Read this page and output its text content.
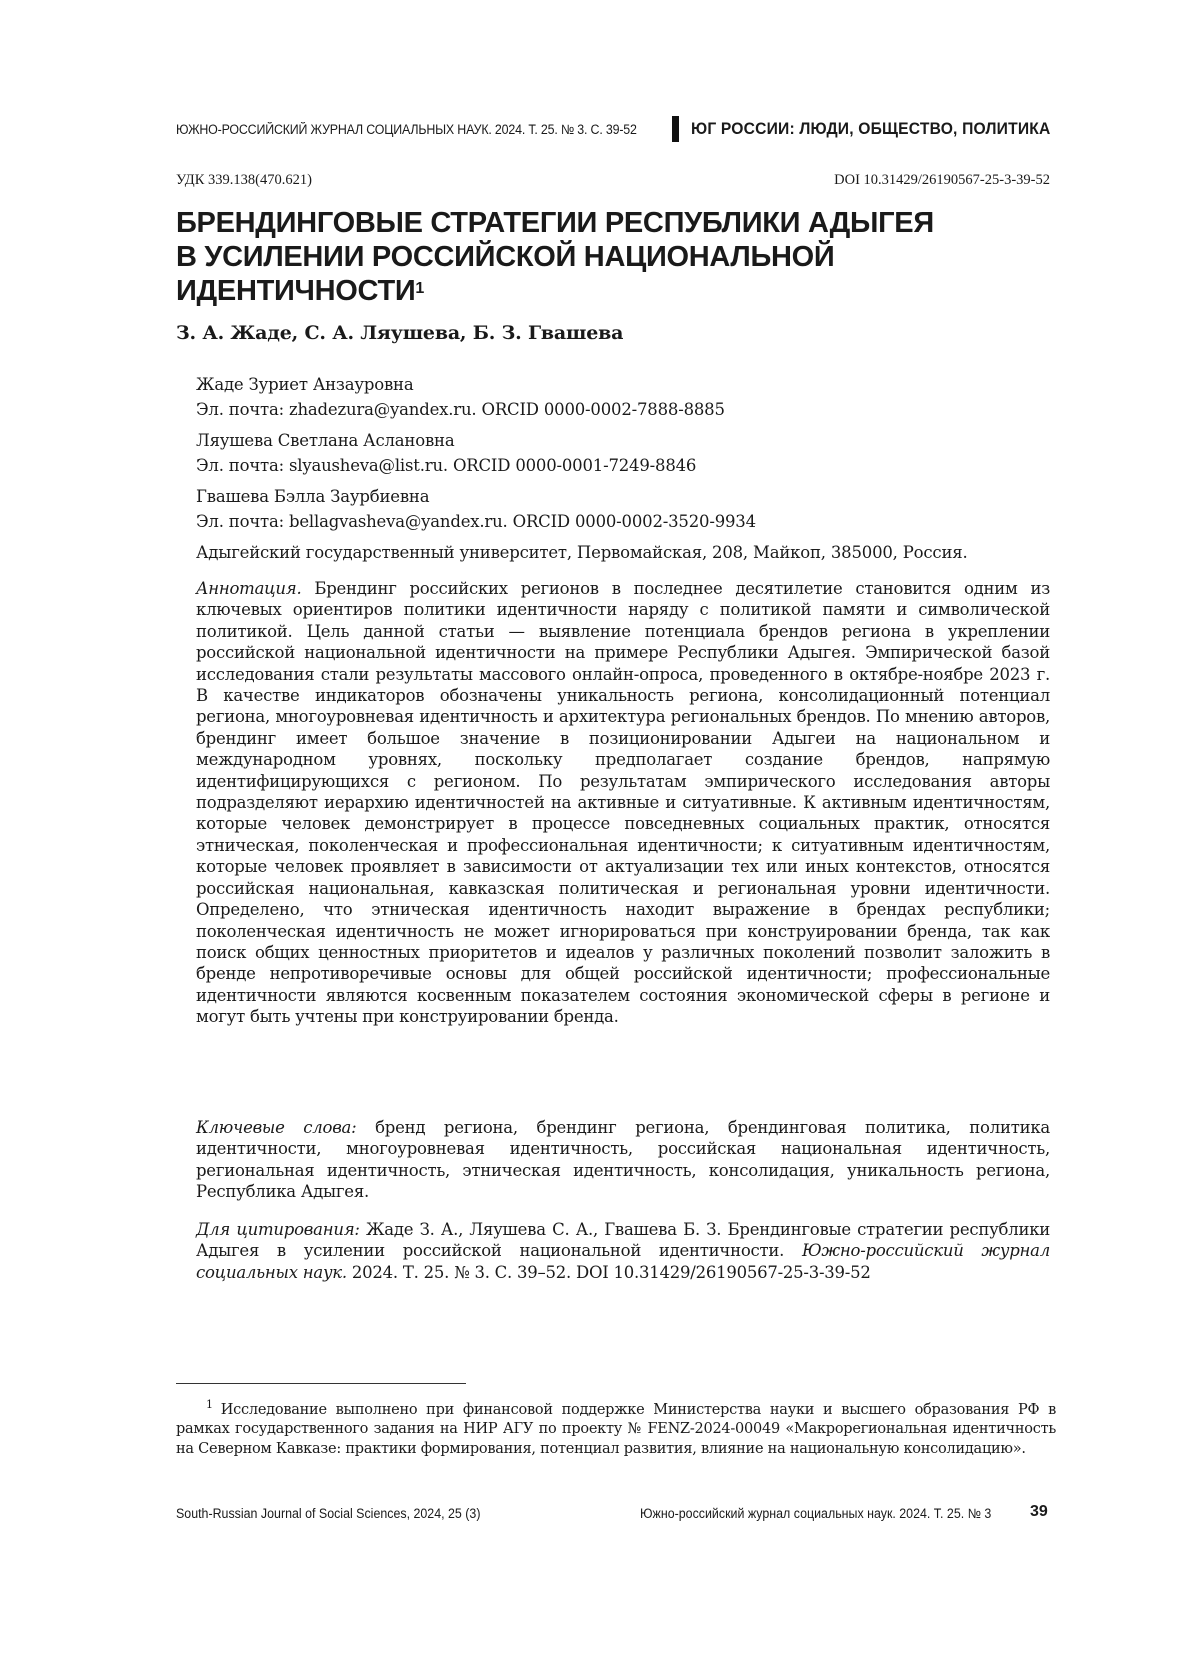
ЮЖНО-РОССИЙСКИЙ ЖУРНАЛ СОЦИАЛЬНЫХ НАУК. 2024. Т. 25. № 3. С. 39-52	ЮГ РОССИИ: ЛЮДИ, ОБЩЕСТВО, ПОЛИТИКА
УДК 339.138(470.621)	DOI 10.31429/26190567-25-3-39-52
БРЕНДИНГОВЫЕ СТРАТЕГИИ РЕСПУБЛИКИ АДЫГЕЯ
В УСИЛЕНИИ РОССИЙСКОЙ НАЦИОНАЛЬНОЙ
ИДЕНТИЧНОСТИ$^1$
З. А. Жаде, С. А. Ляушева, Б. З. Гвашева
Жаде Зуриет Анзауровна
Эл. почта: zhadezura@yandex.ru. ORCID 0000-0002-7888-8885
Ляушева Светлана Аслановна
Эл. почта: slyausheva@list.ru. ORCID 0000-0001-7249-8846
Гвашева Бэлла Заурбиевна
Эл. почта: bellagvasheva@yandex.ru. ORCID 0000-0002-3520-9934
Адыгейский государственный университет, Первомайская, 208, Майкоп, 385000, Россия.
Аннотация. Брендинг российских регионов в последнее десятилетие становится одним из ключевых ориентиров политики идентичности наряду с политикой памяти и символической политикой. Цель данной статьи — выявление потенциала брендов региона в укреплении российской национальной идентичности на примере Республики Адыгея. Эмпирической базой исследования стали результаты массового онлайн-опроса, проведенного в октябре-ноябре 2023 г. В качестве индикаторов обозначены уникальность региона, консолидационный потенциал региона, многоуровневая идентичность и архитектура региональных брендов. По мнению авторов, брендинг имеет большое значение в позиционировании Адыгеи на национальном и международном уровнях, поскольку предполагает создание брендов, напрямую идентифицирующихся с регионом. По результатам эмпирического исследования авторы подразделяют иерархию идентичностей на активные и ситуативные. К активным идентичностям, которые человек демонстрирует в процессе повседневных социальных практик, относятся этническая, поколенческая и профессиональная идентичности; к ситуативным идентичностям, которые человек проявляет в зависимости от актуализации тех или иных контекстов, относятся российская национальная, кавказская политическая и региональная уровни идентичности. Определено, что этническая идентичность находит выражение в брендах республики; поколенческая идентичность не может игнорироваться при конструировании бренда, так как поиск общих ценностных приоритетов и идеалов у различных поколений позволит заложить в бренде непротиворечивые основы для общей российской идентичности; профессиональные идентичности являются косвенным показателем состояния экономической сферы в регионе и могут быть учтены при конструировании бренда.
Ключевые слова: бренд региона, брендинг региона, брендинговая политика, политика идентичности, многоуровневая идентичность, российская национальная идентичность, региональная идентичность, этническая идентичность, консолидация, уникальность региона, Республика Адыгея.
Для цитирования: Жаде З. А., Ляушева С. А., Гвашева Б. З. Брендинговые стратегии республики Адыгея в усилении российской национальной идентичности. Южно-российский журнал социальных наук. 2024. Т. 25. № 3. С. 39–52. DOI 10.31429/26190567-25-3-39-52
$^1$ Исследование выполнено при финансовой поддержке Министерства науки и высшего образования РФ в рамках государственного задания на НИР АГУ по проекту № FENZ-2024-00049 «Макрорегиональная идентичность на Северном Кавказе: практики формирования, потенциал развития, влияние на национальную консолидацию».
South-Russian Journal of Social Sciences, 2024, 25 (3)	Южно-российский журнал социальных наук. 2024. Т. 25. № 3 39
